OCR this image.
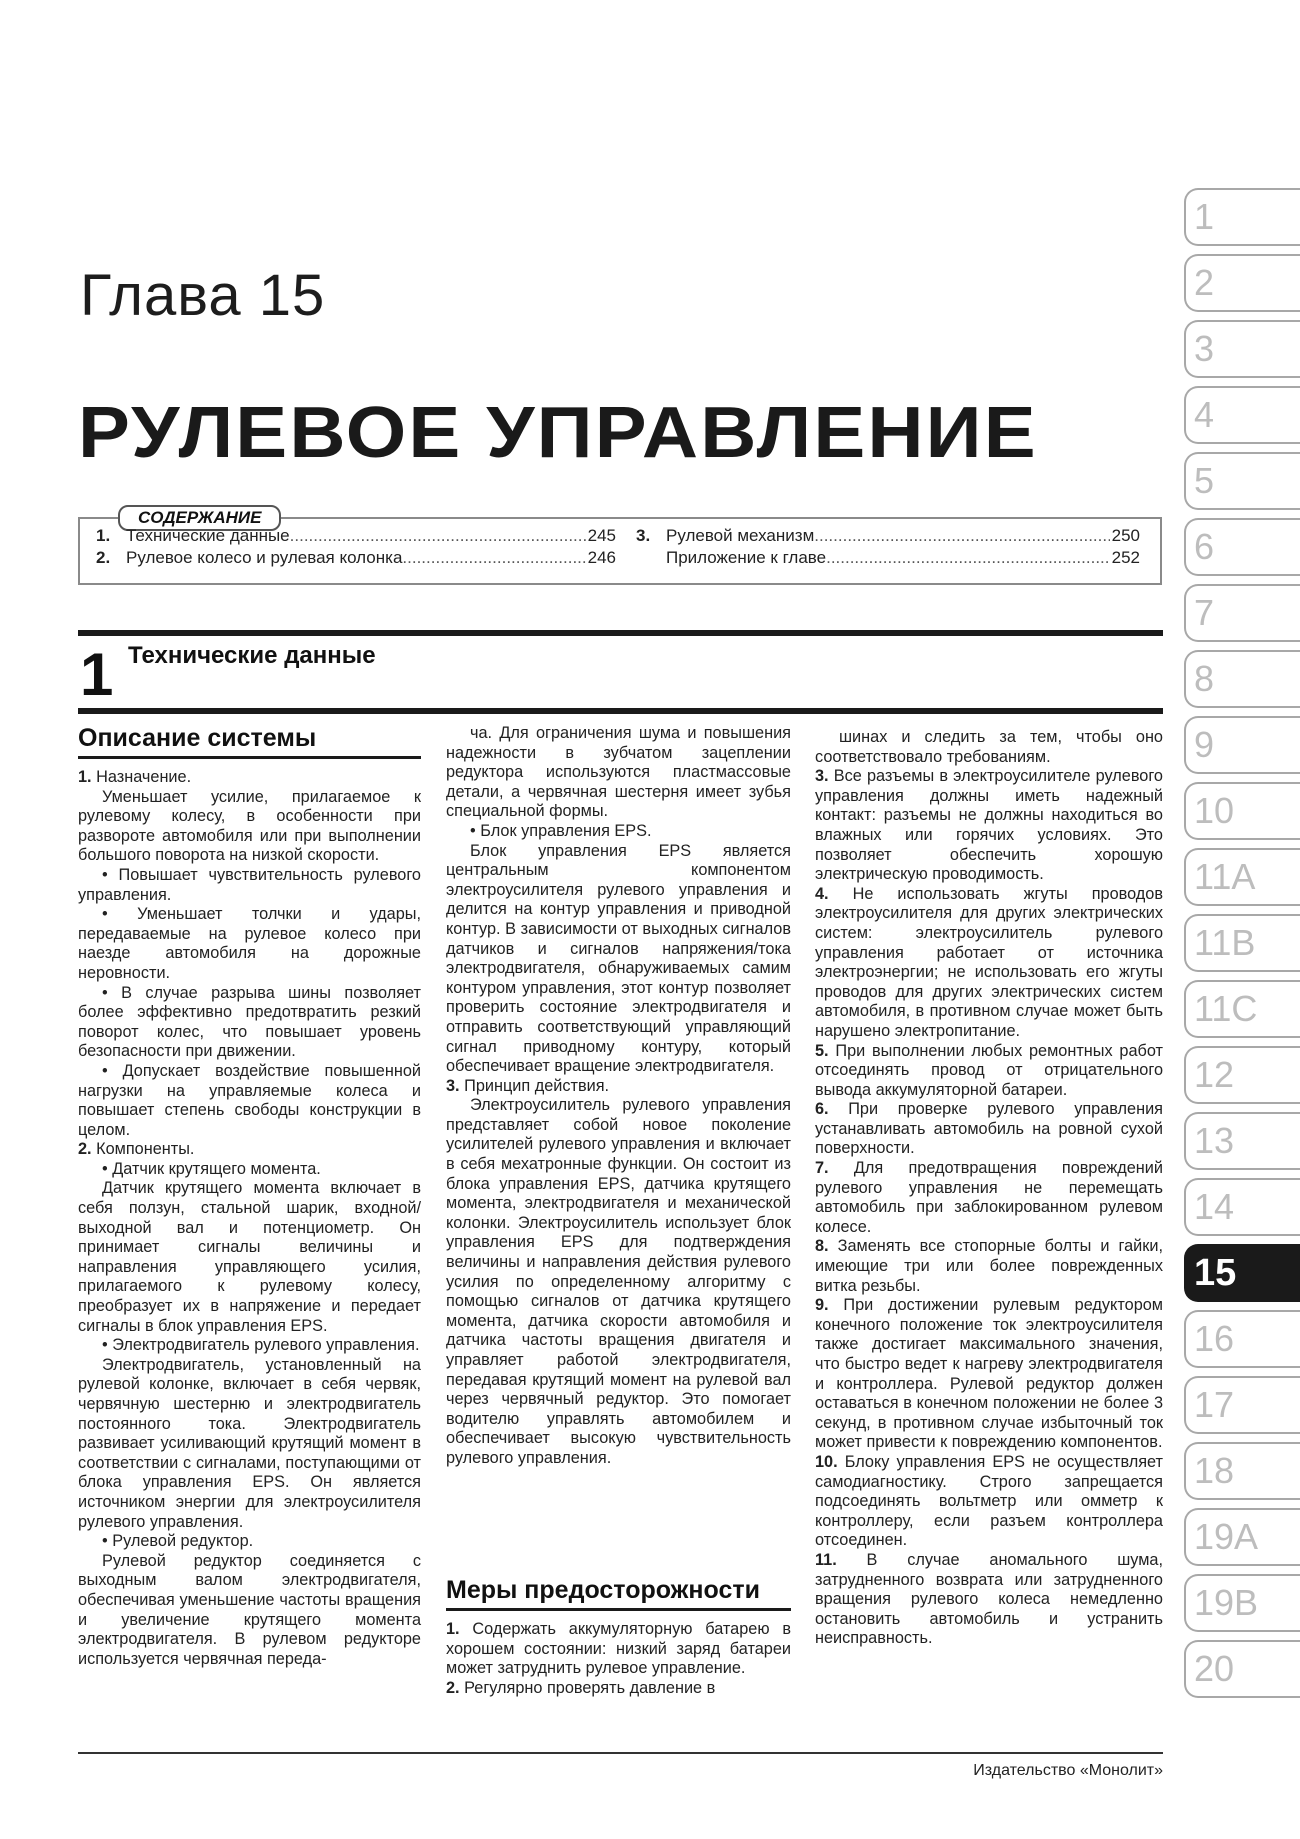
Глава 15
РУЛЕВОЕ УПРАВЛЕНИЕ
СОДЕРЖАНИЕ
1. Технические данные .....	245
2. Рулевое колесо и рулевая колонка .....	246
3. Рулевой механизм .....	250
Приложение к главе .....	252
1 Технические данные
Описание системы

1. Назначение.

Уменьшает усилие, прилагаемое к рулевому колесу, в особенности при развороте автомобиля или при выполнении большого поворота на низкой скорости.

• Повышает чувствительность рулевого управления.

• Уменьшает толчки и удары, передаваемые на рулевое колесо при наезде автомобиля на дорожные неровности.

• В случае разрыва шины позволяет более эффективно предотвратить резкий поворот колес, что повышает уровень безопасности при движении.

• Допускает воздействие повышенной нагрузки на управляемые колеса и повышает степень свободы конструкции в целом.

2. Компоненты.

• Датчик крутящего момента.

Датчик крутящего момента включает в себя ползун, стальной шарик, входной/выходной вал и потенциометр. Он принимает сигналы величины и направления управляющего усилия, прилагаемого к рулевому колесу, преобразует их в напряжение и передает сигналы в блок управления EPS.

• Электродвигатель рулевого управления.

Электродвигатель, установленный на рулевой колонке, включает в себя червяк, червячную шестерню и электродвигатель постоянного тока. Электродвигатель развивает усиливающий крутящий момент в соответствии с сигналами, поступающими от блока управления EPS. Он является источником энергии для электроусилителя рулевого управления.

• Рулевой редуктор.

Рулевой редуктор соединяется с выходным валом электродвигателя, обеспечивая уменьшение частоты вращения и увеличение крутящего момента электродвигателя. В рулевом редукторе используется червячная переда-

ча. Для ограничения шума и повышения надежности в зубчатом зацеплении редуктора используются пластмассовые детали, а червячная шестерня имеет зубья специальной формы.

• Блок управления EPS.

Блок управления EPS является центральным компонентом электроусилителя рулевого управления и делится на контур управления и приводной контур. В зависимости от выходных сигналов датчиков и сигналов напряжения/тока электродвигателя, обнаруживаемых самим контуром управления, этот контур позволяет проверить состояние электродвигателя и отправить соответствующий управляющий сигнал приводному контуру, который обеспечивает вращение электродвигателя.

3. Принцип действия.

Электроусилитель рулевого управления представляет собой новое поколение усилителей рулевого управления и включает в себя мехатронные функции. Он состоит из блока управления EPS, датчика крутящего момента, электродвигателя и механической колонки. Электроусилитель использует блок управления EPS для подтверждения величины и направления действия рулевого усилия по определенному алгоритму с помощью сигналов от датчика крутящего момента, датчика скорости автомобиля и датчика частоты вращения двигателя и управляет работой электродвигателя, передавая крутящий момент на рулевой вал через червячный редуктор. Это помогает водителю управлять автомобилем и обеспечивает высокую чувствительность рулевого управления.

Меры предосторожности

1. Содержать аккумуляторную батарею в хорошем состоянии: низкий заряд батареи может затруднить рулевое управление.

2. Регулярно проверять давление в

шинах и следить за тем, чтобы оно соответствовало требованиям.

3. Все разъемы в электроусилителе рулевого управления должны иметь надежный контакт: разъемы не должны находиться во влажных или горячих условиях. Это позволяет обеспечить хорошую электрическую проводимость.

4. Не использовать жгуты проводов электроусилителя для других электрических систем: электроусилитель рулевого управления работает от источника электроэнергии; не использовать его жгуты проводов для других электрических систем автомобиля, в противном случае может быть нарушено электропитание.

5. При выполнении любых ремонтных работ отсоединять провод от отрицательного вывода аккумуляторной батареи.

6. При проверке рулевого управления устанавливать автомобиль на ровной сухой поверхности.

7. Для предотвращения повреждений рулевого управления не перемещать автомобиль при заблокированном рулевом колесе.

8. Заменять все стопорные болты и гайки, имеющие три или более поврежденных витка резьбы.

9. При достижении рулевым редуктором конечного положение ток электроусилителя также достигает максимального значения, что быстро ведет к нагреву электродвигателя и контроллера. Рулевой редуктор должен оставаться в конечном положении не более 3 секунд, в противном случае избыточный ток может привести к повреждению компонентов.

10. Блоку управления EPS не осуществляет самодиагностику. Строго запрещается подсоединять вольтметр или омметр к контроллеру, если разъем контроллера отсоединен.

11. В случае аномального шума, затрудненного возврата или затрудненного вращения рулевого колеса немедленно остановить автомобиль и устранить неисправность.

1
2
3
4
5
6
7
8
9
10
11A
11B
11C
12
13
14
15
16
17
18
19A
19B
20
Издательство «Монолит»
